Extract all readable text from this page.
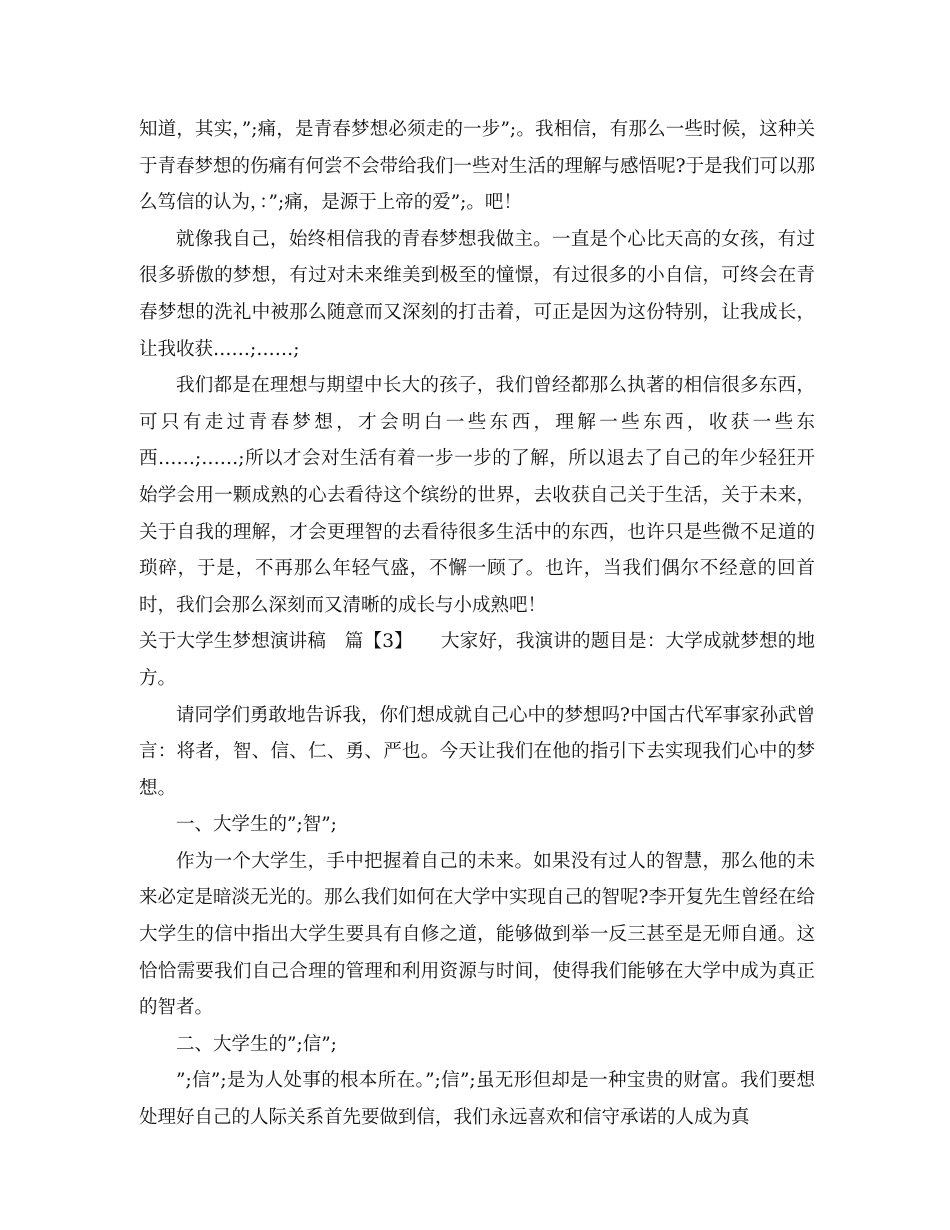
知道，其实，”;痛，是青春梦想必须走的一步”;。我相信，有那么一些时候，这种关于青春梦想的伤痛有何尝不会带给我们一些对生活的理解与感悟呢?于是我们可以那么笃信的认为，：”;痛，是源于上帝的爱”;。吧！

就像我自己，始终相信我的青春梦想我做主。一直是个心比天高的女孩，有过很多骄傲的梦想，有过对未来维美到极至的憧憬，有过很多的小自信，可终会在青春梦想的洗礼中被那么随意而又深刻的打击着，可正是因为这份特别，让我成长，让我收获……;……;

我们都是在理想与期望中长大的孩子，我们曾经都那么执著的相信很多东西，可只有走过青春梦想，才会明白一些东西，理解一些东西，收获一些东西……;……;所以才会对生活有着一步一步的了解，所以退去了自己的年少轻狂开始学会用一颗成熟的心去看待这个缤纷的世界，去收获自己关于生活，关于未来，关于自我的理解，才会更理智的去看待很多生活中的东西，也许只是些微不足道的琐碎，于是，不再那么年轻气盛，不懈一顾了。也许，当我们偶尔不经意的回首时，我们会那么深刻而又清晰的成长与小成熟吧！

关于大学生梦想演讲稿　篇【3】　　大家好，我演讲的题目是：大学成就梦想的地方。

请同学们勇敢地告诉我，你们想成就自己心中的梦想吗?中国古代军事家孙武曾言：将者，智、信、仁、勇、严也。今天让我们在他的指引下去实现我们心中的梦想。

一、大学生的”;智”;

作为一个大学生，手中把握着自己的未来。如果没有过人的智慧，那么他的未来必定是暗淡无光的。那么我们如何在大学中实现自己的智呢?李开复先生曾经在给大学生的信中指出大学生要具有自修之道，能够做到举一反三甚至是无师自通。这恰恰需要我们自己合理的管理和利用资源与时间，使得我们能够在大学中成为真正的智者。

二、大学生的”;信”;

”;信”;是为人处事的根本所在。”;信”;虽无形但却是一种宝贵的财富。我们要想处理好自己的人际关系首先要做到信，我们永远喜欢和信守承诺的人成为真
